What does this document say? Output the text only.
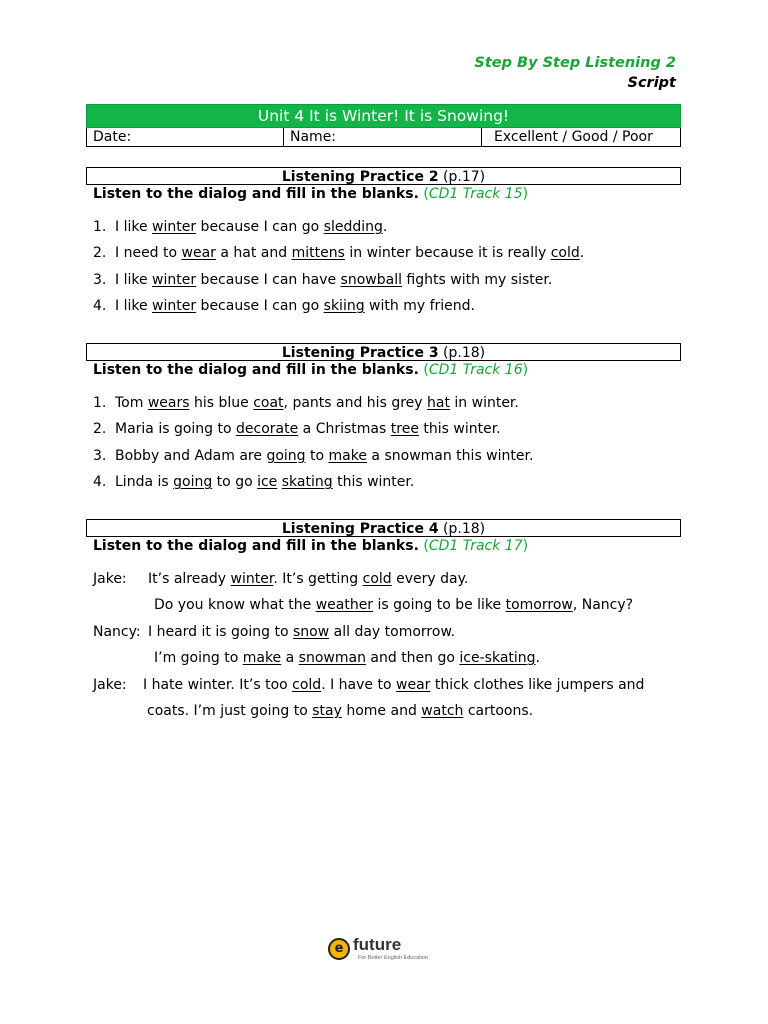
Step By Step Listening 2
Script
Unit 4 It is Winter! It is Snowing!
Date:	Name:	Excellent / Good / Poor
Listening Practice 2 (p.17)
Listen to the dialog and fill in the blanks. (CD1 Track 15)
1. I like winter because I can go sledding.
2. I need to wear a hat and mittens in winter because it is really cold.
3. I like winter because I can have snowball fights with my sister.
4. I like winter because I can go skiing with my friend.
Listening Practice 3 (p.18)
Listen to the dialog and fill in the blanks. (CD1 Track 16)
1. Tom wears his blue coat, pants and his grey hat in winter.
2. Maria is going to decorate a Christmas tree this winter.
3. Bobby and Adam are going to make a snowman this winter.
4. Linda is going to go ice skating this winter.
Listening Practice 4 (p.18)
Listen to the dialog and fill in the blanks. (CD1 Track 17)
Jake: It’s already winter. It’s getting cold every day.
Do you know what the weather is going to be like tomorrow, Nancy?
Nancy: I heard it is going to snow all day tomorrow.
I’m going to make a snowman and then go ice-skating.
Jake: I hate winter. It’s too cold. I have to wear thick clothes like jumpers and
coats. I’m just going to stay home and watch cartoons.
e future
For Better English Education
